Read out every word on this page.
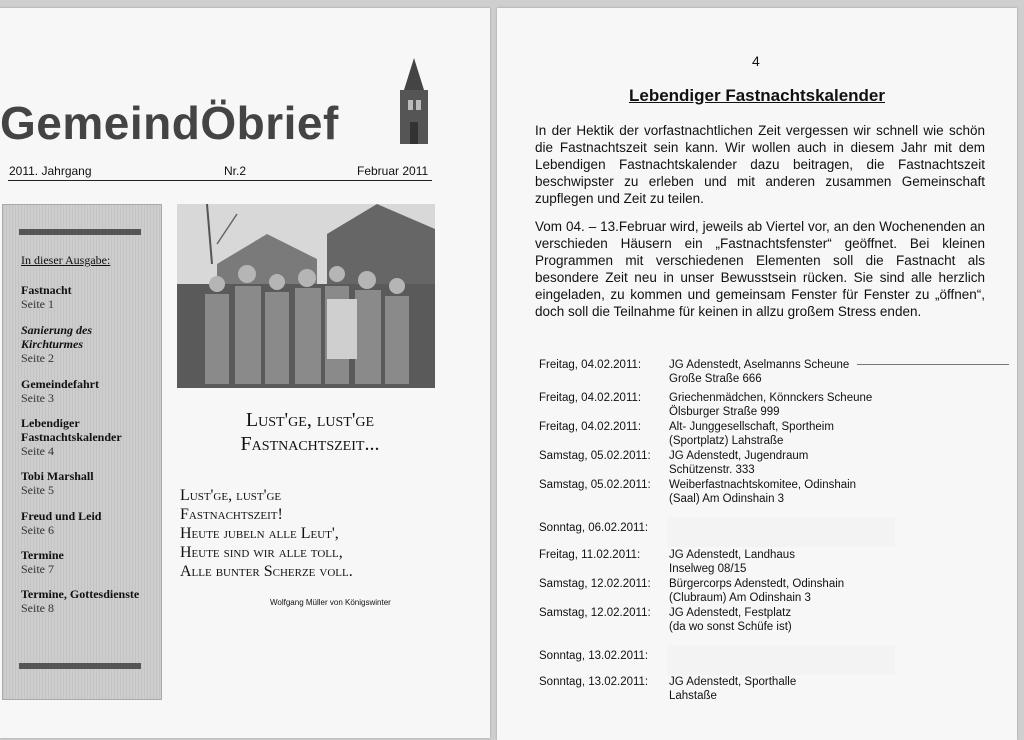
GemeindÖbrief
2011. Jahrgang	Nr.2	Februar 2011
In dieser Ausgabe:
Fastnacht
Seite 1
Sanierung des Kirchturmes
Seite 2
Gemeindefahrt
Seite 3
Lebendiger Fastnachtskalender
Seite 4
Tobi Marshall
Seite 5
Freud und Leid
Seite 6
Termine
Seite 7
Termine, Gottesdienste
Seite 8
Lust'ge, lust'ge
Fastnachtszeit...
Lust'ge, lust'ge
Fastnachtszeit!
Heute jubeln alle Leut',
Heute sind wir alle toll,
Alle bunter Scherze voll.
Wolfgang Müller von Königswinter
4
Lebendiger Fastnachtskalender
In der Hektik der vorfastnachtlichen Zeit vergessen wir schnell wie schön die Fastnachtszeit sein kann. Wir wollen auch in diesem Jahr mit dem Lebendigen Fastnachtskalender dazu beitragen, die Fastnachtszeit beschwipster zu erleben und mit anderen zusammen Gemeinschaft zupflegen und Zeit zu teilen.
Vom 04. – 13.Februar wird, jeweils ab Viertel vor, an den Wochenenden an verschieden Häusern ein „Fastnachtsfenster“ geöffnet. Bei kleinen Programmen mit verschiedenen Elementen soll die Fastnacht als besondere Zeit neu in unser Bewusstsein rücken. Sie sind alle herzlich eingeladen, zu kommen und gemeinsam Fenster für Fenster zu „öffnen“, doch soll die Teilnahme für keinen in allzu großem Stress enden.
Freitag, 04.02.2011:	JG Adenstedt, Aselmanns Scheune
Große Straße 666
Freitag, 04.02.2011:	Griechenmädchen, Könnckers Scheune
Ölsburger Straße 999
Freitag, 04.02.2011:	Alt- Junggesellschaft, Sportheim
(Sportplatz) Lahstraße
Samstag, 05.02.2011:	JG Adenstedt, Jugendraum
Schützenstr. 333
Samstag, 05.02.2011:	Weiberfastnachtskomitee, Odinshain
(Saal) Am Odinshain 3
Sonntag, 06.02.2011:
Freitag, 11.02.2011:	JG Adenstedt, Landhaus
Inselweg 08/15
Samstag, 12.02.2011:	Bürgercorps Adenstedt, Odinshain
(Clubraum) Am Odinshain 3
Samstag, 12.02.2011:	JG Adenstedt, Festplatz
(da wo sonst Schüfe ist)
Sonntag, 13.02.2011:
Sonntag, 13.02.2011:	JG Adenstedt, Sporthalle
Lahstaße
